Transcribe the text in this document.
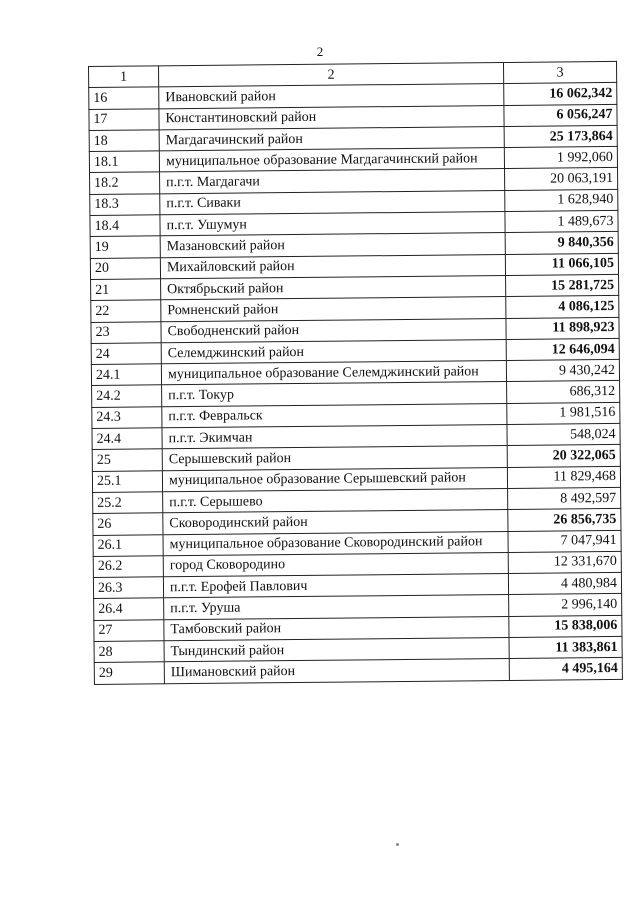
2
1	2	3
16	Ивановский район	16 062,342
17	Константиновский район	6 056,247
18	Магдагачинский район	25 173,864
18.1	муниципальное образование Магдагачинский район	1 992,060
18.2	п.г.т. Магдагачи	20 063,191
18.3	п.г.т. Сиваки	1 628,940
18.4	п.г.т. Ушумун	1 489,673
19	Мазановский район	9 840,356
20	Михайловский район	11 066,105
21	Октябрьский район	15 281,725
22	Ромненский район	4 086,125
23	Свободненский район	11 898,923
24	Селемджинский район	12 646,094
24.1	муниципальное образование Селемджинский район	9 430,242
24.2	п.г.т. Токур	686,312
24.3	п.г.т. Февральск	1 981,516
24.4	п.г.т. Экимчан	548,024
25	Серышевский район	20 322,065
25.1	муниципальное образование Серышевский район	11 829,468
25.2	п.г.т. Серышево	8 492,597
26	Сковородинский район	26 856,735
26.1	муниципальное образование Сковородинский район	7 047,941
26.2	город Сковородино	12 331,670
26.3	п.г.т. Ерофей Павлович	4 480,984
26.4	п.г.т. Уруша	2 996,140
27	Тамбовский район	15 838,006
28	Тындинский район	11 383,861
29	Шимановский район	4 495,164
